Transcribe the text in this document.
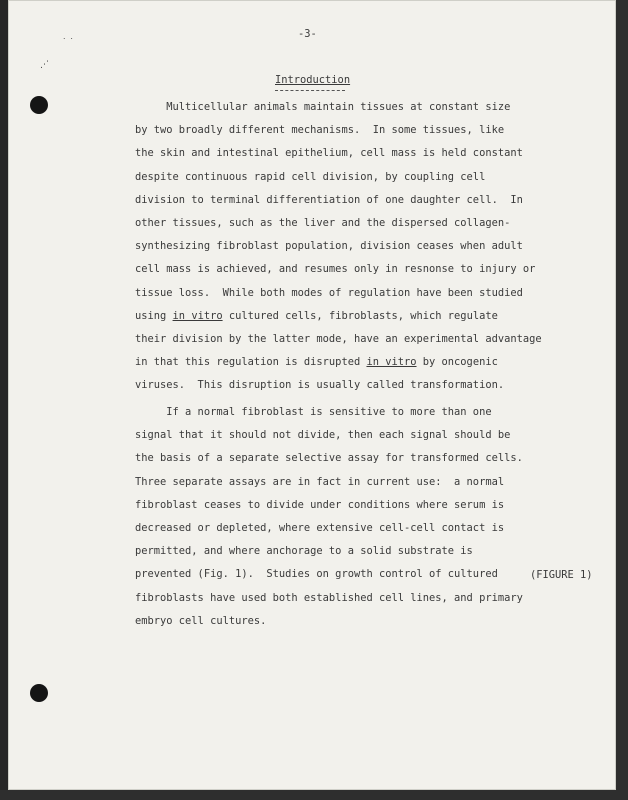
˙ ˙
⋰
-3-
Introduction
Multicellular animals maintain tissues at constant size
by two broadly different mechanisms.  In some tissues, like
the skin and intestinal epithelium, cell mass is held constant
despite continuous rapid cell division, by coupling cell
division to terminal differentiation of one daughter cell.  In
other tissues, such as the liver and the dispersed collagen-
synthesizing fibroblast population, division ceases when adult
cell mass is achieved, and resumes only in resnonse to injury or
tissue loss.  While both modes of regulation have been studied
using in vitro cultured cells, fibroblasts, which regulate
their division by the latter mode, have an experimental advantage
in that this regulation is disrupted in vitro by oncogenic
viruses.  This disruption is usually called transformation.
If a normal fibroblast is sensitive to more than one
signal that it should not divide, then each signal should be
the basis of a separate selective assay for transformed cells.
Three separate assays are in fact in current use:  a normal
fibroblast ceases to divide under conditions where serum is
decreased or depleted, where extensive cell-cell contact is
permitted, and where anchorage to a solid substrate is
prevented (Fig. 1).  Studies on growth control of cultured
fibroblasts have used both established cell lines, and primary
embryo cell cultures.
(FIGURE 1)
